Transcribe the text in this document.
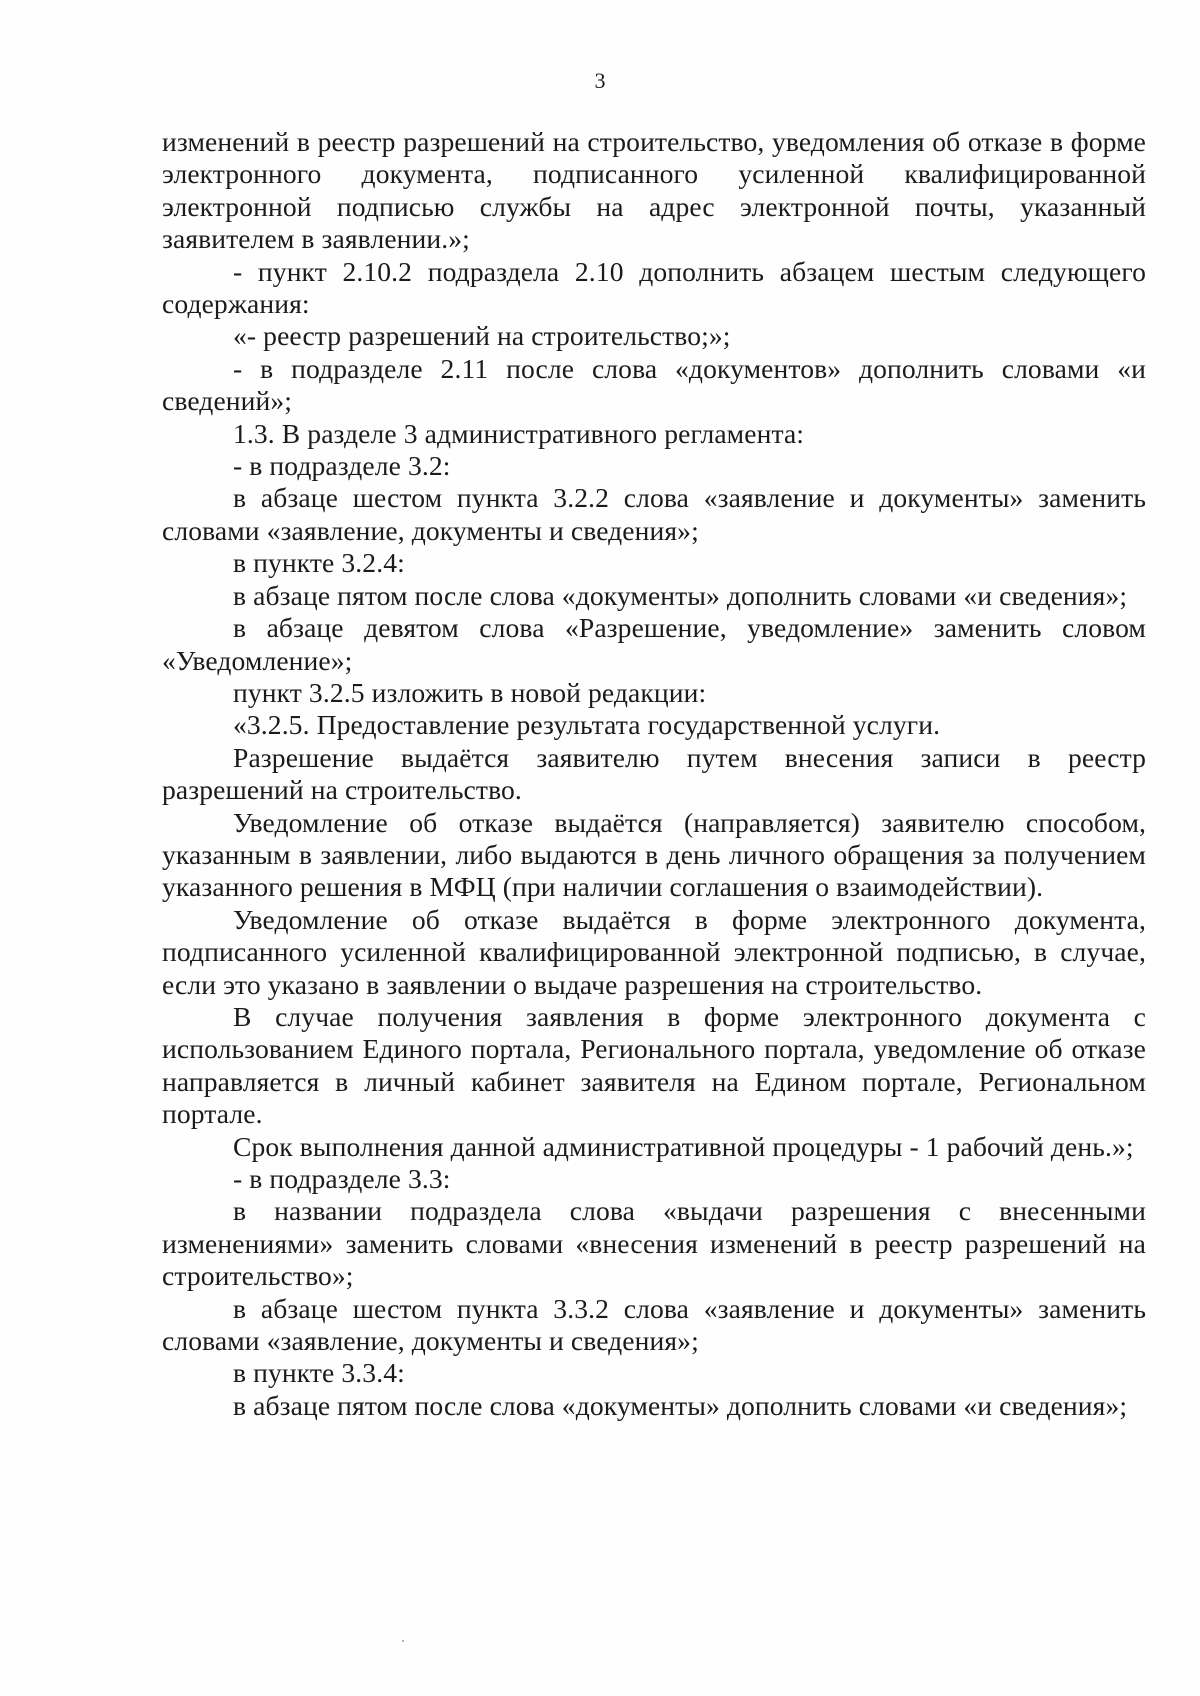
3

изменений в реестр разрешений на строительство, уведомления об отказе в форме электронного документа, подписанного усиленной квалифицированной электронной подписью службы на адрес электронной почты, указанный заявителем в заявлении.»;

- пункт 2.10.2 подраздела 2.10 дополнить абзацем шестым следующего содержания:

«- реестр разрешений на строительство;»;

- в подразделе 2.11 после слова «документов» дополнить словами «и сведений»;

1.3. В разделе 3 административного регламента:

- в подразделе 3.2:

в абзаце шестом пункта 3.2.2 слова «заявление и документы» заменить словами «заявление, документы и сведения»;

в пункте 3.2.4:

в абзаце пятом после слова «документы» дополнить словами «и сведения»;

в абзаце девятом слова «Разрешение, уведомление» заменить словом «Уведомление»;

пункт 3.2.5 изложить в новой редакции:

«3.2.5. Предоставление результата государственной услуги.

Разрешение выдаётся заявителю путем внесения записи в реестр разрешений на строительство.

Уведомление об отказе выдаётся (направляется) заявителю способом, указанным в заявлении, либо выдаются в день личного обращения за получением указанного решения в МФЦ (при наличии соглашения о взаимодействии).

Уведомление об отказе выдаётся в форме электронного документа, подписанного усиленной квалифицированной электронной подписью, в случае, если это указано в заявлении о выдаче разрешения на строительство.

В случае получения заявления в форме электронного документа с использованием Единого портала, Регионального портала, уведомление об отказе направляется в личный кабинет заявителя на Едином портале, Региональном портале.

Срок выполнения данной административной процедуры - 1 рабочий день.»;

- в подразделе 3.3:

в названии подраздела слова «выдачи разрешения с внесенными изменениями» заменить словами «внесения изменений в реестр разрешений на строительство»;

в абзаце шестом пункта 3.3.2 слова «заявление и документы» заменить словами «заявление, документы и сведения»;

в пункте 3.3.4:

в абзаце пятом после слова «документы» дополнить словами «и сведения»;
